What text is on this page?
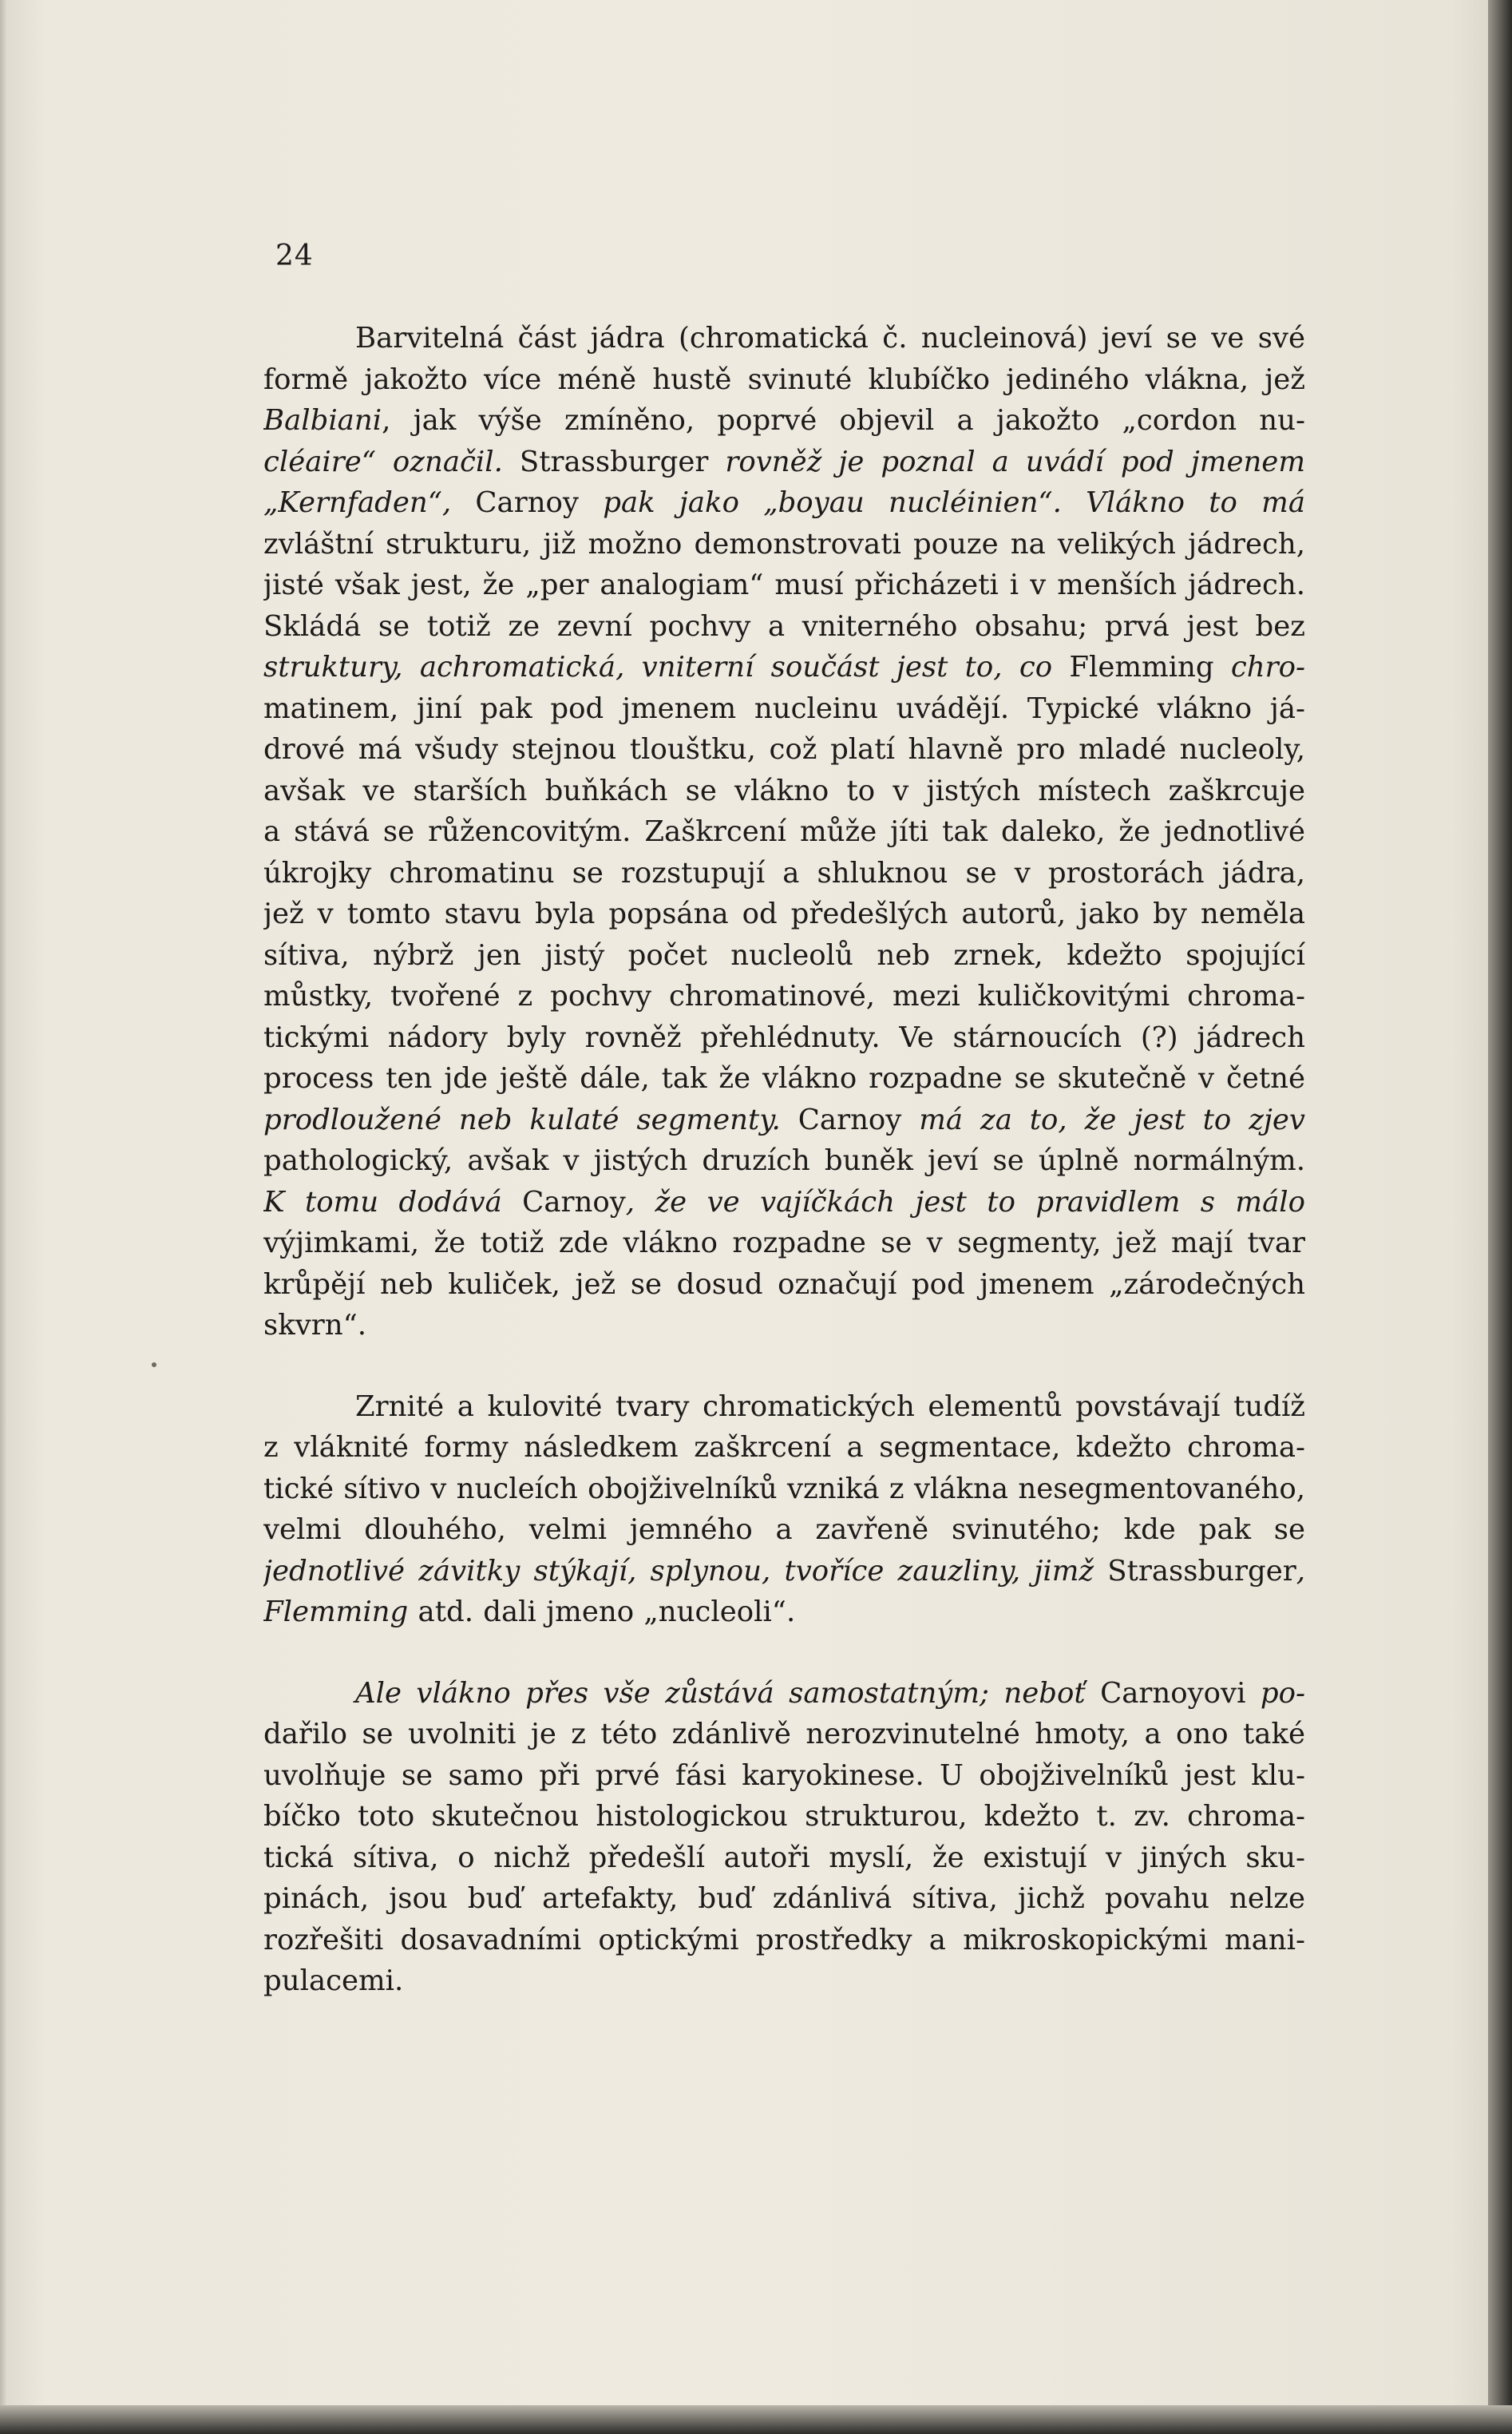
24
Barvitelná část jádra (chromatická č. nucleinová) jeví se ve své
formě jakožto více méně hustě svinuté klubíčko jediného vlákna, jež
Balbiani, jak výše zmíněno, poprvé objevil a jakožto „cordon nu-
cléaire“ označil. Strassburger rovněž je poznal a uvádí pod jmenem
„Kernfaden“, Carnoy pak jako „boyau nucléinien“. Vlákno to má
zvláštní strukturu, již možno demonstrovati pouze na velikých jádrech,
jisté však jest, že „per analogiam“ musí přicházeti i v menších jádrech.
Skládá se totiž ze zevní pochvy a vniterného obsahu; prvá jest bez
struktury, achromatická, vniterní součást jest to, co Flemming chro-
matinem, jiní pak pod jmenem nucleinu uvádějí. Typické vlákno já-
drové má všudy stejnou tlouštku, což platí hlavně pro mladé nucleoly,
avšak ve starších buňkách se vlákno to v jistých místech zaškrcuje
a stává se růžencovitým. Zaškrcení může jíti tak daleko, že jednotlivé
úkrojky chromatinu se rozstupují a shluknou se v prostorách jádra,
jež v tomto stavu byla popsána od předešlých autorů, jako by neměla
sítiva, nýbrž jen jistý počet nucleolů neb zrnek, kdežto spojující
můstky, tvořené z pochvy chromatinové, mezi kuličkovitými chroma-
tickými nádory byly rovněž přehlédnuty. Ve stárnoucích (?) jádrech
process ten jde ještě dále, tak že vlákno rozpadne se skutečně v četné
prodloužené neb kulaté segmenty. Carnoy má za to, že jest to zjev
pathologický, avšak v jistých druzích buněk jeví se úplně normálným.
K tomu dodává Carnoy, že ve vajíčkách jest to pravidlem s málo
výjimkami, že totiž zde vlákno rozpadne se v segmenty, jež mají tvar
krůpějí neb kuliček, jež se dosud označují pod jmenem „zárodečných
skvrn“.
Zrnité a kulovité tvary chromatických elementů povstávají tudíž
z vláknité formy následkem zaškrcení a segmentace, kdežto chroma-
tické sítivo v nucleích obojživelníků vzniká z vlákna nesegmentovaného,
velmi dlouhého, velmi jemného a zavřeně svinutého; kde pak se
jednotlivé závitky stýkají, splynou, tvoříce zauzliny, jimž Strassburger,
Flemming atd. dali jmeno „nucleoli“.
Ale vlákno přes vše zůstává samostatným; neboť Carnoyovi po-
dařilo se uvolniti je z této zdánlivě nerozvinutelné hmoty, a ono také
uvolňuje se samo při prvé fási karyokinese. U obojživelníků jest klu-
bíčko toto skutečnou histologickou strukturou, kdežto t. zv. chroma-
tická sítiva, o nichž předešlí autoři myslí, že existují v jiných sku-
pinách, jsou buď artefakty, buď zdánlivá sítiva, jichž povahu nelze
rozřešiti dosavadními optickými prostředky a mikroskopickými mani-
pulacemi.
